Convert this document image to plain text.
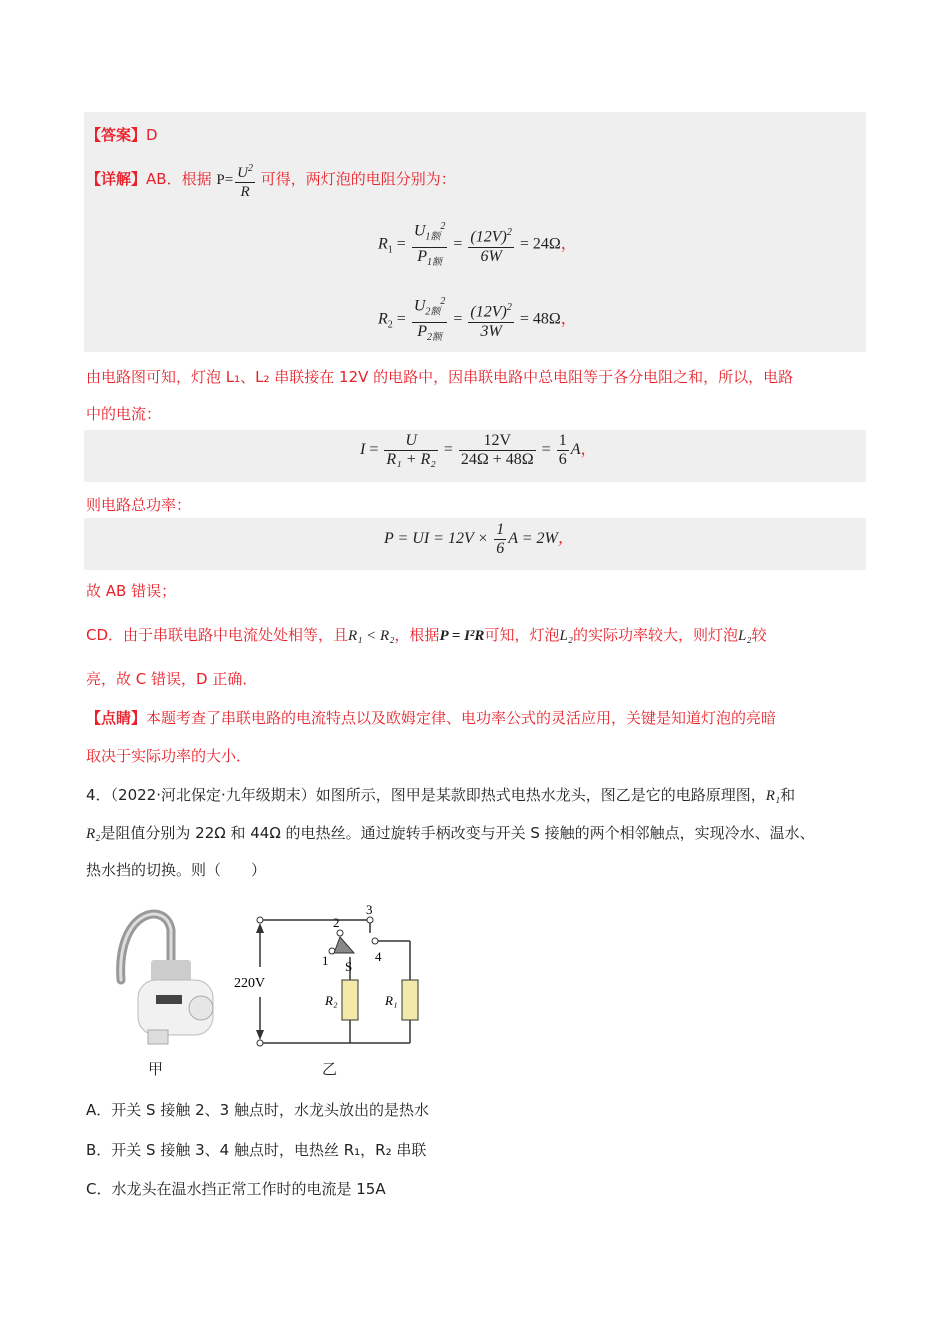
【答案】D
【详解】AB．根据 $P= \frac{U^2}{R}$ 可得，两灯泡的电阻分别为：
$R_1 = \frac{U_{1额}^2}{P_{1额}} = \frac{(12V)^2}{6W} = 24\Omega$，
$R_2 = \frac{U_{2额}^2}{P_{2额}} = \frac{(12V)^2}{3W} = 48\Omega$，
由电路图可知，灯泡 L₁、L₂ 串联接在 12V 的电路中，因串联电路中总电阻等于各分电阻之和，所以，电路
中的电流：
$I = \frac{U}{\text{R₁ + R₂}} = \frac{12V}{24\Omega + 48\Omega} = \frac{1}{6}$ A，
则电路总功率：
P = UI = $12V \times \frac{1}{6}$ A = 2W，
故 AB 错误；
CD．由于串联电路中电流处处相等，且R₁ < R₂，根据P = I²R可知，灯泡L₂的实际功率较大，则灯泡L₂较
亮，故 C 错误，D 正确．
【点睛】本题考查了串联电路的电流特点以及欧姆定律、电功率公式的灵活应用，关键是知道灯泡的亮暗
取决于实际功率的大小．
4．（2022·河北保定·九年级期末）如图所示，图甲是某款即热式电热水龙头，图乙是它的电路原理图，R₁和
R₂是阻值分别为 22Ω 和 44Ω 的电热丝。通过旋转手柄改变与开关 S 接触的两个相邻触点，实现冷水、温水、
热水挡的切换。则（　　）
甲
220V
2
3
1	4
S
R₂	R₁
乙
A．开关 S 接触 2、3 触点时，水龙头放出的是热水
B．开关 S 接触 3、4 触点时，电热丝 R₁，R₂ 串联
C．水龙头在温水挡正常工作时的电流是 15A
